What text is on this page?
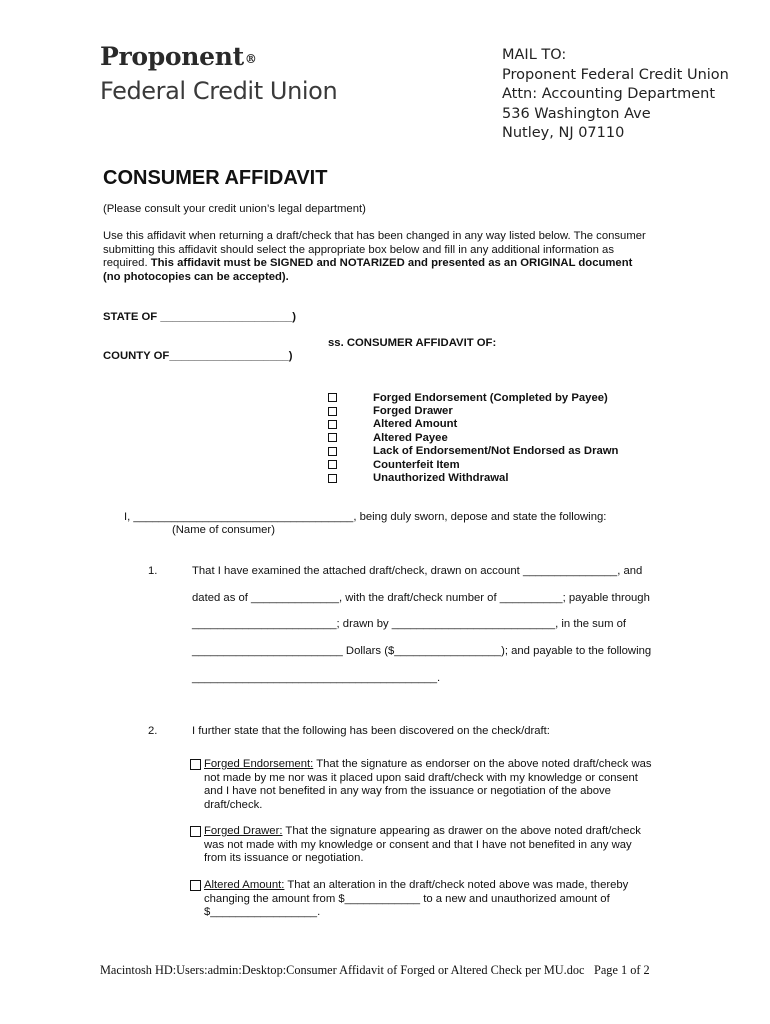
Proponent®
Federal Credit Union
MAIL TO:
Proponent Federal Credit Union
Attn: Accounting Department
536 Washington Ave
Nutley, NJ 07110
CONSUMER AFFIDAVIT
(Please consult your credit union’s legal department)
Use this affidavit when returning a draft/check that has been changed in any way listed below. The consumer
submitting this affidavit should select the appropriate box below and fill in any additional information as
required. This affidavit must be SIGNED and NOTARIZED and presented as an ORIGINAL document
(no photocopies can be accepted).
STATE OF _____________________)
ss. CONSUMER AFFIDAVIT OF:
COUNTY OF___________________)
Forged Endorsement (Completed by Payee)
Forged Drawer
Altered Amount
Altered Payee
Lack of Endorsement/Not Endorsed as Drawn
Counterfeit Item
Unauthorized Withdrawal
I, ___________________________________, being duly sworn, depose and state the following:
(Name of consumer)
1.	That I have examined the attached draft/check, drawn on account _______________, and
dated as of ______________, with the draft/check number of __________; payable through
_______________________; drawn by __________________________, in the sum of
________________________ Dollars ($_________________); and payable to the following
_______________________________________.
2.	I further state that the following has been discovered on the check/draft:
Forged Endorsement: That the signature as endorser on the above noted draft/check was
not made by me nor was it placed upon said draft/check with my knowledge or consent
and I have not benefited in any way from the issuance or negotiation of the above
draft/check.
Forged Drawer: That the signature appearing as drawer on the above noted draft/check
was not made with my knowledge or consent and that I have not benefited in any way
from its issuance or negotiation.
Altered Amount: That an alteration in the draft/check noted above was made, thereby
changing the amount from $____________ to a new and unauthorized amount of
$_________________.
Macintosh HD:Users:admin:Desktop:Consumer Affidavit of Forged or Altered Check per MU.doc Page 1 of 2
